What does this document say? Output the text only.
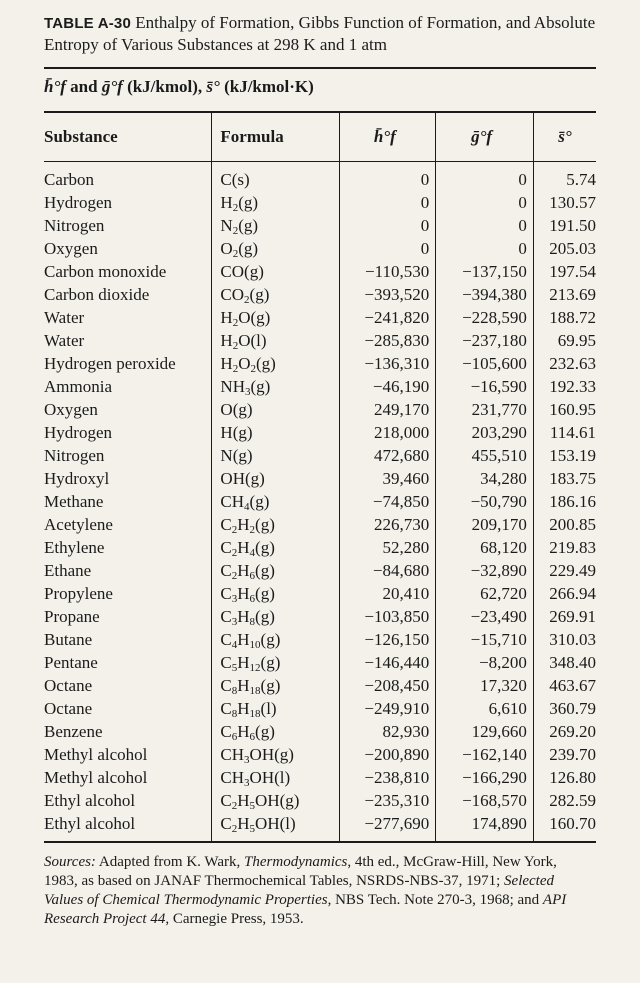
TABLE A-30 Enthalpy of Formation, Gibbs Function of Formation, and Absolute Entropy of Various Substances at 298 K and 1 atm

h̄°f and ḡ°f (kJ/kmol), s̄° (kJ/kmol·K)
Substance	Formula	h̄°f	ḡ°f	s̄°
Carbon	C(s)	0	0	5.74
Hydrogen	$H_2(g)$	0	0	130.57
Nitrogen	$N_2(g)$	0	0	191.50
Oxygen	$O_2(g)$	0	0	205.03
Carbon monoxide	CO(g)	−110,530	−137,150	197.54
Carbon dioxide	$CO_2(g)$	−393,520	−394,380	213.69
Water	$H_2O(g)$	−241,820	−228,590	188.72
Water	$H_2O(l)$	−285,830	−237,180	69.95
Hydrogen peroxide	$H_2O_2(g)$	−136,310	−105,600	232.63
Ammonia	$NH_3(g)$	−46,190	−16,590	192.33
Oxygen	O(g)	249,170	231,770	160.95
Hydrogen	H(g)	218,000	203,290	114.61
Nitrogen	N(g)	472,680	455,510	153.19
Hydroxyl	OH(g)	39,460	34,280	183.75
Methane	$CH_4(g)$	−74,850	−50,790	186.16
Acetylene	$C_2H_2(g)$	226,730	209,170	200.85
Ethylene	$C_2H_4(g)$	52,280	68,120	219.83
Ethane	$C_2H_6(g)$	−84,680	−32,890	229.49
Propylene	$C_3H_6(g)$	20,410	62,720	266.94
Propane	$C_3H_8(g)$	−103,850	−23,490	269.91
Butane	$C_4H_{10}(g)$	−126,150	−15,710	310.03
Pentane	$C_5H_{12}(g)$	−146,440	−8,200	348.40
Octane	$C_8H_{18}(g)$	−208,450	17,320	463.67
Octane	$C_8H_{18}(l)$	−249,910	6,610	360.79
Benzene	$C_6H_6(g)$	82,930	129,660	269.20
Methyl alcohol	$CH_3OH(g)$	−200,890	−162,140	239.70
Methyl alcohol	$CH_3OH(l)$	−238,810	−166,290	126.80
Ethyl alcohol	$C_2H_5OH(g)$	−235,310	−168,570	282.59
Ethyl alcohol	$C_2H_5OH(l)$	−277,690	174,890	160.70
Sources: Adapted from K. Wark, Thermodynamics, 4th ed., McGraw-Hill, New York, 1983, as based on JANAF Thermochemical Tables, NSRDS-NBS-37, 1971; Selected Values of Chemical Thermodynamic Properties, NBS Tech. Note 270-3, 1968; and API Research Project 44, Carnegie Press, 1953.
